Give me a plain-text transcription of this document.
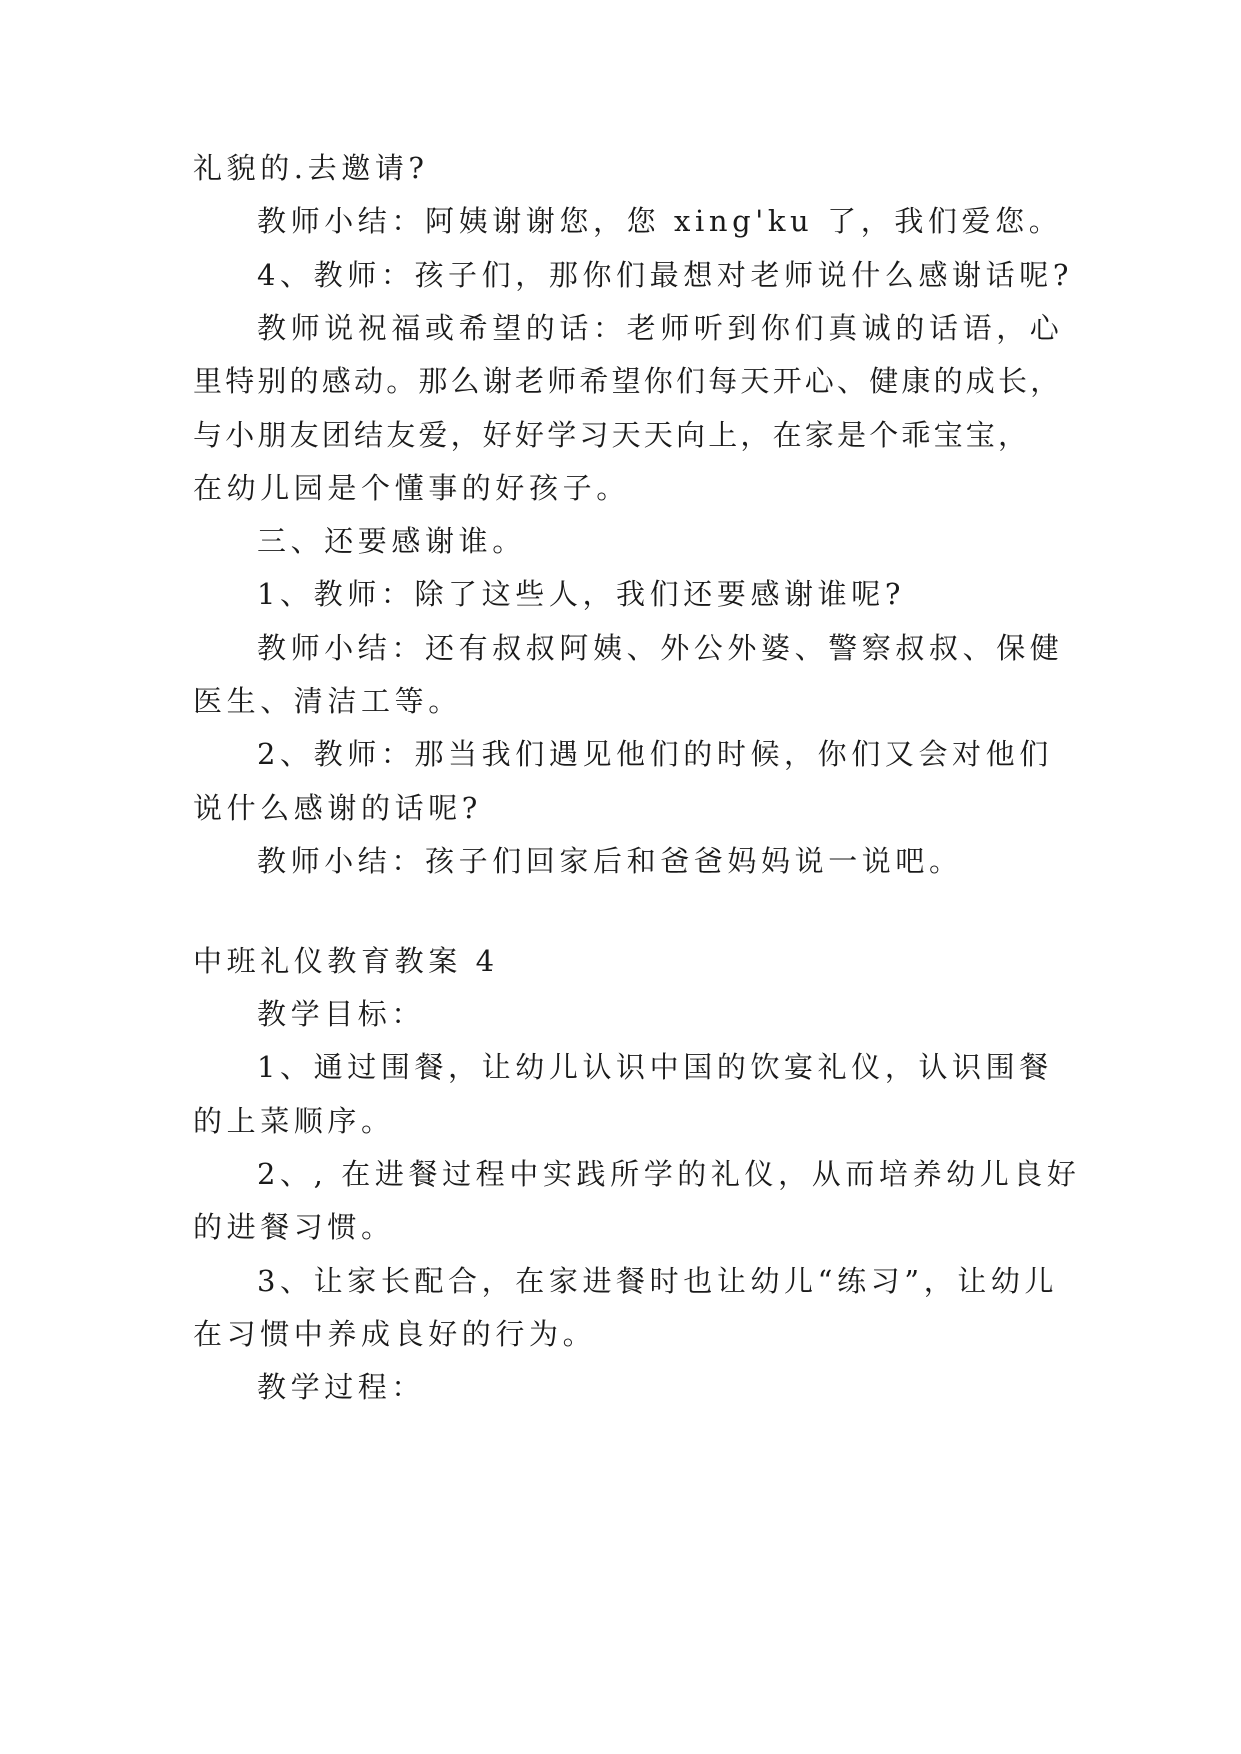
礼貌的.去邀请?
教师小结：阿姨谢谢您，您 xing'ku 了，我们爱您。
4、教师：孩子们，那你们最想对老师说什么感谢话呢?
教师说祝福或希望的话：老师听到你们真诚的话语，心
里特别的感动。那么谢老师希望你们每天开心、健康的成长，
与小朋友团结友爱，好好学习天天向上，在家是个乖宝宝，
在幼儿园是个懂事的好孩子。
三、还要感谢谁。
1、教师：除了这些人，我们还要感谢谁呢?
教师小结：还有叔叔阿姨、外公外婆、警察叔叔、保健
医生、清洁工等。
2、教师：那当我们遇见他们的时候，你们又会对他们
说什么感谢的话呢?
教师小结：孩子们回家后和爸爸妈妈说一说吧。
中班礼仪教育教案 4
教学目标：
1、通过围餐，让幼儿认识中国的饮宴礼仪，认识围餐
的上菜顺序。
2、, 在进餐过程中实践所学的礼仪，从而培养幼儿良好
的进餐习惯。
3、让家长配合，在家进餐时也让幼儿“练习”，让幼儿
在习惯中养成良好的行为。
教学过程：
